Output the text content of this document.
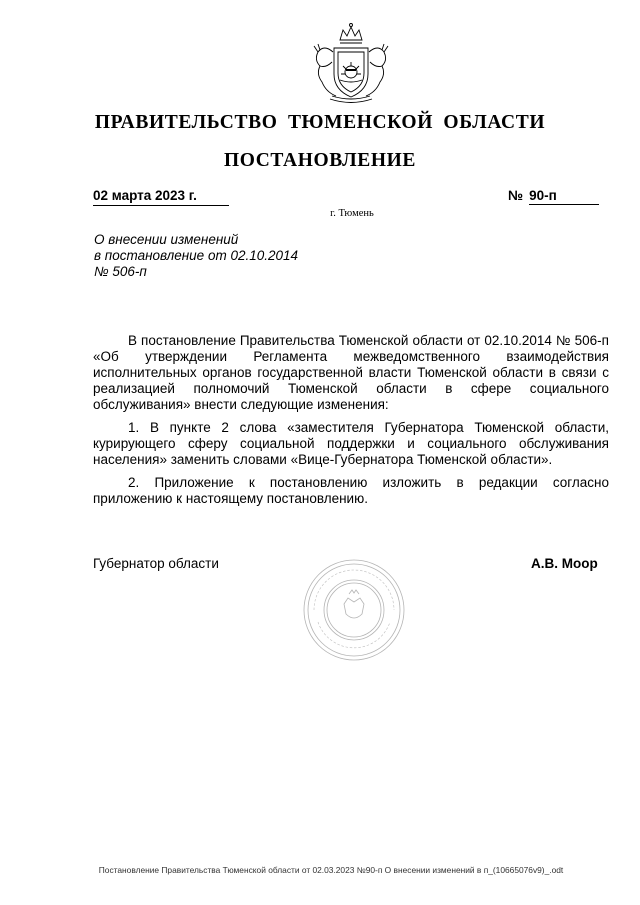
ПРАВИТЕЛЬСТВО ТЮМЕНСКОЙ ОБЛАСТИ
ПОСТАНОВЛЕНИЕ
02 марта 2023 г.	№ 90-п
г. Тюмень
О внесении изменений
в постановление от 02.10.2014
№ 506-п

В постановление Правительства Тюменской области от 02.10.2014 № 506-п «Об утверждении Регламента межведомственного взаимодействия исполнительных органов государственной власти Тюменской области в связи с реализацией полномочий Тюменской области в сфере социального обслуживания» внести следующие изменения:

1. В пункте 2 слова «заместителя Губернатора Тюменской области, курирующего сферу социальной поддержки и социального обслуживания населения» заменить словами «Вице-Губернатора Тюменской области».

2. Приложение к постановлению изложить в редакции согласно приложению к настоящему постановлению.

Губернатор области	А.В. Моор
Постановление Правительства Тюменской области от 02.03.2023 №90-п О внесении изменений в п_(10665076v9)_.odt
